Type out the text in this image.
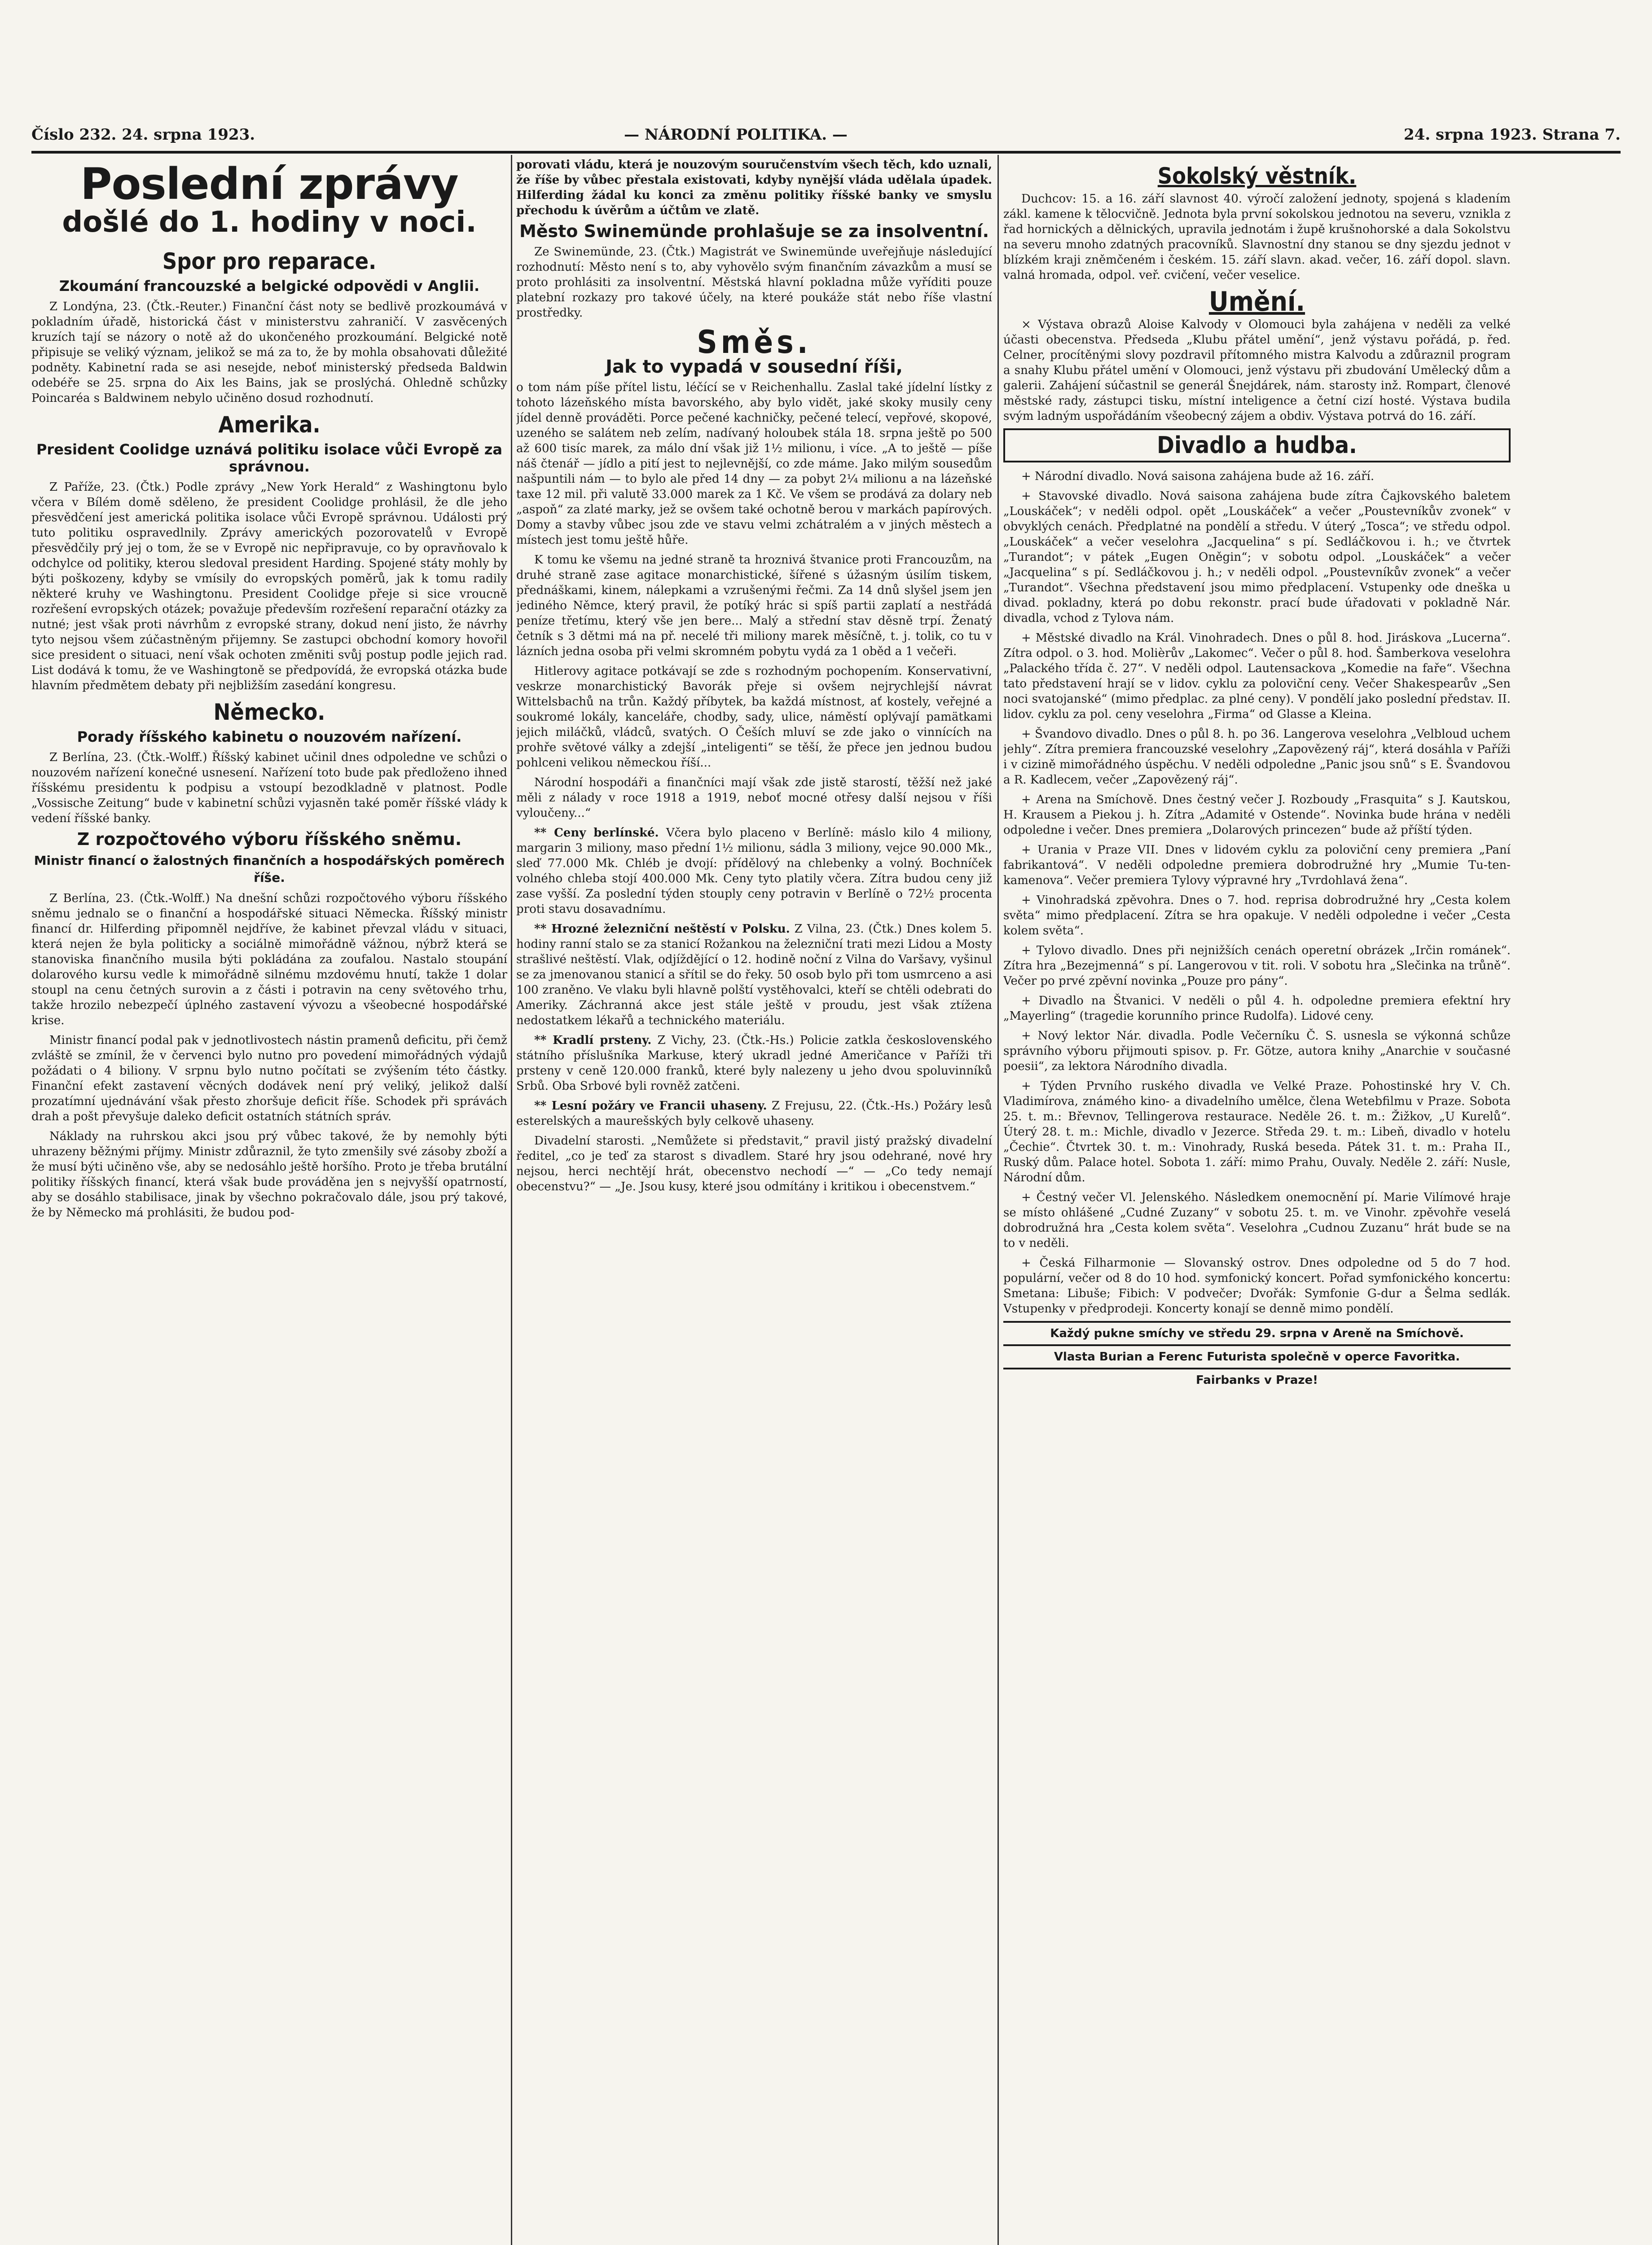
Číslo 232. 24. srpna 1923.	— NÁRODNÍ POLITIKA. —	24. srpna 1923. Strana 7.
Poslední zprávy
došlé do 1. hodiny v noci.
Spor pro reparace.
Zkoumání francouzské a belgické odpovědi v Anglii.

Z Londýna, 23. (Čtk.-Reuter.) Finanční část noty se bedlivě prozkoumává v pokladním úřadě, historická část v ministerstvu zahraničí. V zasvěcených kruzích tají se názory o notě až do ukončeného prozkoumání. Belgické notě připisuje se veliký význam, jelikož se má za to, že by mohla obsahovati důležité podněty. Kabinetní rada se asi nesejde, neboť ministerský předseda Baldwin odebéře se 25. srpna do Aix les Bains, jak se proslýchá. Ohledně schůzky Poincaréa s Baldwinem nebylo učiněno dosud rozhodnutí.

Amerika.
President Coolidge uznává politiku isolace vůči Evropě za správnou.

Z Paříže, 23. (Čtk.) Podle zprávy „New York Herald“ z Washingtonu bylo včera v Bílém domě sděleno, že president Coolidge prohlásil, že dle jeho přesvědčení jest americká politika isolace vůči Evropě správnou. Události prý tuto politiku ospravedlnily. Zprávy amerických pozorovatelů v Evropě přesvědčily prý jej o tom, že se v Evropě nic nepřipravuje, co by opravňovalo k odchylce od politiky, kterou sledoval president Harding. Spojené státy mohly by býti poškozeny, kdyby se vmísily do evropských poměrů, jak k tomu radily některé kruhy ve Washingtonu. President Coolidge přeje si sice vroucně rozřešení evropských otázek; považuje především rozřešení reparační otázky za nutné; jest však proti návrhům z evropské strany, dokud není jisto, že návrhy tyto nejsou všem zúčastněným přijemny. Se zastupci obchodní komory hovořil sice president o situaci, není však ochoten změniti svůj postup podle jejich rad. List dodává k tomu, že ve Washingtoně se předpovídá, že evropská otázka bude hlavním předmětem debaty při nejbližším zasedání kongresu.

Německo.
Porady říšského kabinetu o nouzovém nařízení.

Z Berlína, 23. (Čtk.-Wolff.) Říšský kabinet učinil dnes odpoledne ve schůzi o nouzovém nařízení konečné usnesení. Nařízení toto bude pak předloženo ihned říšskému presidentu k podpisu a vstoupí bezodkladně v platnost. Podle „Vossische Zeitung“ bude v kabinetní schůzi vyjasněn také poměr říšské vlády k vedení říšské banky.

Z rozpočtového výboru říšského sněmu.
Ministr financí o žalostných finančních a hospodářských poměrech říše.

Z Berlína, 23. (Čtk.-Wolff.) Na dnešní schůzi rozpočtového výboru říšského sněmu jednalo se o finanční a hospodářské situaci Německa. Říšský ministr financí dr. Hilferding připomněl nejdříve, že kabinet převzal vládu v situaci, která nejen že byla politicky a sociálně mimořádně vážnou, nýbrž která se stanoviska finančního musila býti pokládána za zoufalou. Nastalo stoupání dolarového kursu vedle k mimořádně silnému mzdovému hnutí, takže 1 dolar stoupl na cenu četných surovin a z části i potravin na ceny světového trhu, takže hrozilo nebezpečí úplného zastavení vývozu a všeobecné hospodářské krise.

Ministr financí podal pak v jednotlivostech nástin pramenů deficitu, při čemž zvláště se zmínil, že v červenci bylo nutno pro povedení mimořádných výdajů požádati o 4 biliony. V srpnu bylo nutno počítati se zvýšením této částky. Finanční efekt zastavení věcných dodávek není prý veliký, jelikož další prozatímní ujednávání však přesto zhoršuje deficit říše. Schodek při správách drah a pošt převyšuje daleko deficit ostatních státních správ.

Náklady na ruhrskou akci jsou prý vůbec takové, že by nemohly býti uhrazeny běžnými příjmy. Ministr zdůraznil, že tyto zmenšily své zásoby zboží a že musí býti učiněno vše, aby se nedosáhlo ještě horšího. Proto je třeba brutální politiky říšských financí, která však bude prováděna jen s nejvyšší opatrností, aby se dosáhlo stabilisace, jinak by všechno pokračovalo dále, jsou prý takové, že by Německo má prohlásiti, že budou pod-

porovati vládu, která je nouzovým souručenstvím všech těch, kdo uznali, že říše by vůbec přestala existovati, kdyby nynější vláda udělala úpadek. Hilferding žádal ku konci za změnu politiky říšské banky ve smyslu přechodu k úvěrům a účtům ve zlatě.

Město Swinemünde prohlašuje se za insolventní.

Ze Swinemünde, 23. (Čtk.) Magistrát ve Swinemünde uveřejňuje následující rozhodnutí: Město není s to, aby vyhovělo svým finančním závazkům a musí se proto prohlásiti za insolventní. Městská hlavní pokladna může vyříditi pouze platební rozkazy pro takové účely, na které poukáže stát nebo říše vlastní prostředky.

Směs.
Jak to vypadá v sousední říši,

o tom nám píše přítel listu, léčící se v Reichenhallu. Zaslal také jídelní lístky z tohoto lázeňského místa bavorského, aby bylo vidět, jaké skoky musily ceny jídel denně prováděti. Porce pečené kachničky, pečené telecí, vepřové, skopové, uzeného se salátem neb zelím, nadívaný holoubek stála 18. srpna ještě po 500 až 600 tisíc marek, za málo dní však již 1½ milionu, i více. „A to ještě — píše náš čtenář — jídlo a pití jest to nejlevnější, co zde máme. Jako milým sousedům našpuntili nám — to bylo ale před 14 dny — za pobyt 2¼ milionu a na lázeňské taxe 12 mil. při valutě 33.000 marek za 1 Kč. Ve všem se prodává za dolary neb „aspoň“ za zlaté marky, jež se ovšem také ochotně berou v markách papírových. Domy a stavby vůbec jsou zde ve stavu velmi zchátralém a v jiných městech a místech jest tomu ještě hůře.

K tomu ke všemu na jedné straně ta hroznivá štvanice proti Francouzům, na druhé straně zase agitace monarchistické, šířené s úžasným úsilím tiskem, přednáškami, kinem, nálepkami a vzrušenými řečmi. Za 14 dnů slyšel jsem jen jediného Němce, který pravil, že potíký hrác si spíš partii zaplatí a nestřádá peníze třetímu, který vše jen bere... Malý a střední stav děsně trpí. Ženatý četník s 3 dětmi má na př. necelé tři miliony marek měsíčně, t. j. tolik, co tu v lázních jedna osoba při velmi skromném pobytu vydá za 1 oběd a 1 večeři.

Hitlerovy agitace potkávají se zde s rozhodným pochopením. Konservativní, veskrze monarchistický Bavorák přeje si ovšem nejrychlejší návrat Wittelsbachů na trůn. Každý příbytek, ba každá místnost, ať kostely, veřejné a soukromé lokály, kanceláře, chodby, sady, ulice, náměstí oplývají pamätkami jejich miláčků, vládců, svatých. O Češích mluví se zde jako o vinnících na prohře světové války a zdejší „inteligenti“ se těší, že přece jen jednou budou pohlceni velikou německou říší...

Národní hospodáři a finančníci mají však zde jistě starostí, těžší než jaké měli z nálady v roce 1918 a 1919, neboť mocné otřesy další nejsou v říši vyloučeny...“

** Ceny berlínské. Včera bylo placeno v Berlíně: máslo kilo 4 miliony, margarin 3 miliony, maso přední 1½ milionu, sádla 3 miliony, vejce 90.000 Mk., sleď 77.000 Mk. Chléb je dvojí: přídělový na chlebenky a volný. Bochníček volného chleba stojí 400.000 Mk. Ceny tyto platily včera. Zítra budou ceny již zase vyšší. Za poslední týden stouply ceny potravin v Berlíně o 72½ procenta proti stavu dosavadnímu.

** Hrozné železniční neštěstí v Polsku. Z Vilna, 23. (Čtk.) Dnes kolem 5. hodiny ranní stalo se za stanicí Rožankou na železniční trati mezi Lidou a Mosty strašlivé neštěstí. Vlak, odjíždějící o 12. hodině noční z Vilna do Varšavy, vyšinul se za jmenovanou stanicí a sřítil se do řeky. 50 osob bylo při tom usmrceno a asi 100 zraněno. Ve vlaku byli hlavně polští vystěhovalci, kteří se chtěli odebrati do Ameriky. Záchranná akce jest stále ještě v proudu, jest však ztížena nedostatkem lékařů a technického materiálu.

** Kradlí prsteny. Z Vichy, 23. (Čtk.-Hs.) Policie zatkla československého státního příslušníka Markuse, který ukradl jedné Američance v Paříži tři prsteny v ceně 120.000 franků, které byly nalezeny u jeho dvou spoluvinníků Srbů. Oba Srbové byli rovněž zatčeni.

** Lesní požáry ve Francii uhaseny. Z Frejusu, 22. (Čtk.-Hs.) Požáry lesů esterelských a maurešských byly celkově uhaseny.

Divadelní starosti. „Nemůžete si představit,“ pravil jistý pražský divadelní ředitel, „co je teď za starost s divadlem. Staré hry jsou odehrané, nové hry nejsou, herci nechtějí hrát, obecenstvo nechodí —“ — „Co tedy nemají obecenstvu?“ — „Je. Jsou kusy, které jsou odmítány i kritikou i obecenstvem.“

Sokolský věstník.

Duchcov: 15. a 16. září slavnost 40. výročí založení jednoty, spojená s kladením zákl. kamene k tělocvičně. Jednota byla první sokolskou jednotou na severu, vznikla z řad hornických a dělnických, upravila jednotám i župě krušnohorské a dala Sokolstvu na severu mnoho zdatných pracovníků. Slavnostní dny stanou se dny sjezdu jednot v blízkém kraji zněmčeném i českém. 15. září slavn. akad. večer, 16. září dopol. slavn. valná hromada, odpol. veř. cvičení, večer veselice.

Umění.

× Výstava obrazů Aloise Kalvody v Olomouci byla zahájena v neděli za velké účasti obecenstva. Předseda „Klubu přátel umění“, jenž výstavu pořádá, p. řed. Celner, procítěnými slovy pozdravil přítomného mistra Kalvodu a zdůraznil program a snahy Klubu přátel umění v Olomouci, jenž výstavu při zbudování Umělecký dům a galerii. Zahájení súčastnil se generál Šnejdárek, nám. starosty inž. Rompart, členové městské rady, zástupci tisku, místní inteligence a četní cizí hosté. Výstava budila svým ladným uspořádáním všeobecný zájem a obdiv. Výstava potrvá do 16. září.

Divadlo a hudba.

+ Národní divadlo. Nová saisona zahájena bude až 16. září.

+ Stavovské divadlo. Nová saisona zahájena bude zítra Čajkovského baletem „Louskáček“; v neděli odpol. opět „Louskáček“ a večer „Poustevníkův zvonek“ v obvyklých cenách. Předplatné na pondělí a středu. V úterý „Tosca“; ve středu odpol. „Louskáček“ a večer veselohra „Jacquelina“ s pí. Sedláčkovou i. h.; ve čtvrtek „Turandot“; v pátek „Eugen Oněgin“; v sobotu odpol. „Louskáček“ a večer „Jacquelina“ s pí. Sedláčkovou j. h.; v neděli odpol. „Poustevníkův zvonek“ a večer „Turandot“. Všechna představení jsou mimo předplacení. Vstupenky ode dneška u divad. pokladny, která po dobu rekonstr. prací bude úřadovati v pokladně Nár. divadla, vchod z Tylova nám.

+ Městské divadlo na Král. Vinohradech. Dnes o půl 8. hod. Jiráskova „Lucerna“. Zítra odpol. o 3. hod. Molièrův „Lakomec“. Večer o půl 8. hod. Šamberkova veselohra „Palackého třída č. 27“. V neděli odpol. Lautensackova „Komedie na faře“. Všechna tato představení hrají se v lidov. cyklu za poloviční ceny. Večer Shakespearův „Sen noci svatojanské“ (mimo předplac. za plné ceny). V pondělí jako poslední představ. II. lidov. cyklu za pol. ceny veselohra „Firma“ od Glasse a Kleina.

+ Švandovo divadlo. Dnes o půl 8. h. po 36. Langerova veselohra „Velbloud uchem jehly“. Zítra premiera francouzské veselohry „Zapovězený ráj“, která dosáhla v Paříži i v cizině mimořádného úspěchu. V neděli odpoledne „Panic jsou snů“ s E. Švandovou a R. Kadlecem, večer „Zapovězený ráj“.

+ Arena na Smíchově. Dnes čestný večer J. Rozboudy „Frasquita“ s J. Kautskou, H. Krausem a Piekou j. h. Zítra „Adamité v Ostende“. Novinka bude hrána v neděli odpoledne i večer. Dnes premiera „Dolarových princezen“ bude až příští týden.

+ Urania v Praze VII. Dnes v lidovém cyklu za poloviční ceny premiera „Paní fabrikantová“. V neděli odpoledne premiera dobrodružné hry „Mumie Tu-ten-kamenova“. Večer premiera Tylovy výpravné hry „Tvrdohlavá žena“.

+ Vinohradská zpěvohra. Dnes o 7. hod. reprisa dobrodružné hry „Cesta kolem světa“ mimo předplacení. Zítra se hra opakuje. V neděli odpoledne i večer „Cesta kolem světa“.

+ Tylovo divadlo. Dnes při nejnižších cenách operetní obrázek „Irčin románek“. Zítra hra „Bezejmenná“ s pí. Langerovou v tit. roli. V sobotu hra „Slečinka na trůně“. Večer po prvé zpěvní novinka „Pouze pro pány“.

+ Divadlo na Štvanici. V neděli o půl 4. h. odpoledne premiera efektní hry „Mayerling“ (tragedie korunního prince Rudolfa). Lidové ceny.

+ Nový lektor Nár. divadla. Podle Večerníku Č. S. usnesla se výkonná schůze správního výboru přijmouti spisov. p. Fr. Götze, autora knihy „Anarchie v současné poesii“, za lektora Národního divadla.

+ Týden Prvního ruského divadla ve Velké Praze. Pohostinské hry V. Ch. Vladimírova, známého kino- a divadelního umělce, člena Wetebfilmu v Praze. Sobota 25. t. m.: Břevnov, Tellingerova restaurace. Neděle 26. t. m.: Žižkov, „U Kurelů“. Úterý 28. t. m.: Michle, divadlo v Jezerce. Středa 29. t. m.: Libeň, divadlo v hotelu „Čechie“. Čtvrtek 30. t. m.: Vinohrady, Ruská beseda. Pátek 31. t. m.: Praha II., Ruský dům. Palace hotel. Sobota 1. září: mimo Prahu, Ouvaly. Neděle 2. září: Nusle, Národní dům.

+ Čestný večer Vl. Jelenského. Následkem onemocnění pí. Marie Vilímové hraje se místo ohlášené „Cudné Zuzany“ v sobotu 25. t. m. ve Vinohr. zpěvohře veselá dobrodružná hra „Cesta kolem světa“. Veselohra „Cudnou Zuzanu“ hrát bude se na to v neděli.

+ Česká Filharmonie — Slovanský ostrov. Dnes odpoledne od 5 do 7 hod. populární, večer od 8 do 10 hod. symfonický koncert. Pořad symfonického koncertu: Smetana: Libuše; Fibich: V podvečer; Dvořák: Symfonie G-dur a Šelma sedlák. Vstupenky v předprodeji. Koncerty konají se denně mimo pondělí.

Každý pukne smíchy ve středu 29. srpna v Areně na Smíchově.
Vlasta Burian a Ferenc Futurista společně v operce Favoritka.
Fairbanks v Praze!
